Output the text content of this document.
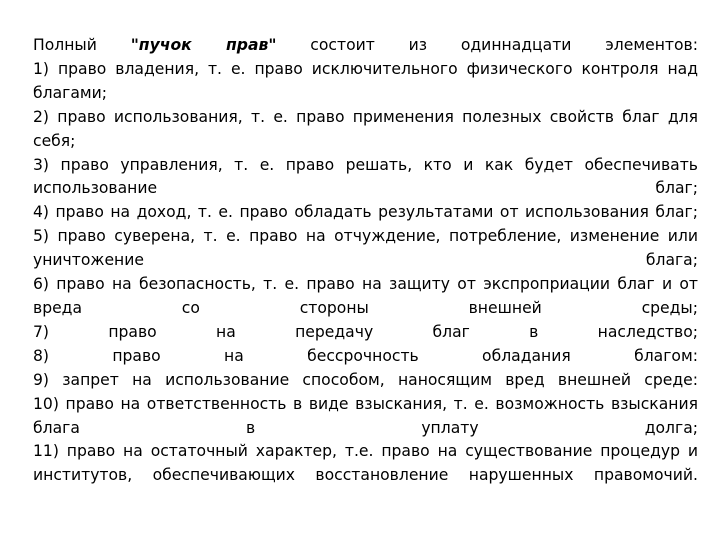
Полный "пучок прав" состоит из одиннадцати элементов:
1) право владения, т. е. право исключительного физического контроля над
благами;
2) право использования, т. е. право применения полезных свойств благ для
себя;
3) право управления, т. е. право решать, кто и как будет обеспечивать
использование благ;
4) право на доход, т. е. право обладать результатами от использования благ;
5) право суверена, т. е. право на отчуждение, потребление, изменение или
уничтожение блага;
6) право на безопасность, т. е. право на защиту от экспроприации благ и от
вреда со стороны внешней среды;
7) право на передачу благ в наследство;
8) право на бессрочность обладания благом:
9) запрет на использование способом, наносящим вред внешней среде:
10) право на ответственность в виде взыскания, т. е. возможность взыскания
блага в уплату долга;
11) право на остаточный характер, т.е. право на существование процедур и
институтов, обеспечивающих восстановление нарушенных правомочий.
